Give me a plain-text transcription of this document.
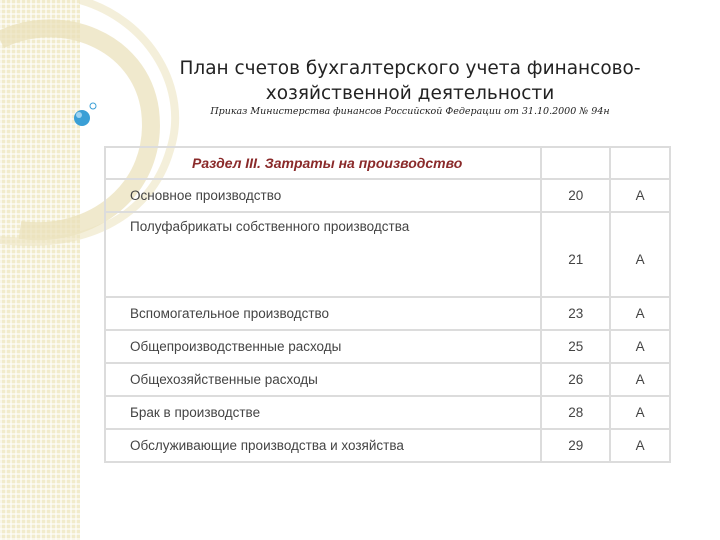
План счетов бухгалтерского учета финансово-
хозяйственной деятельности
Приказ Министерства финансов Российской Федерации от 31.10.2000 № 94н
Раздел III. Затраты на производство		
Основное производство	20	А
Полуфабрикаты собственного производства	21	А
Вспомогательное производство	23	А
Общепроизводственные расходы	25	А
Общехозяйственные расходы	26	А
Брак в производстве	28	А
Обслуживающие производства и хозяйства	29	А
